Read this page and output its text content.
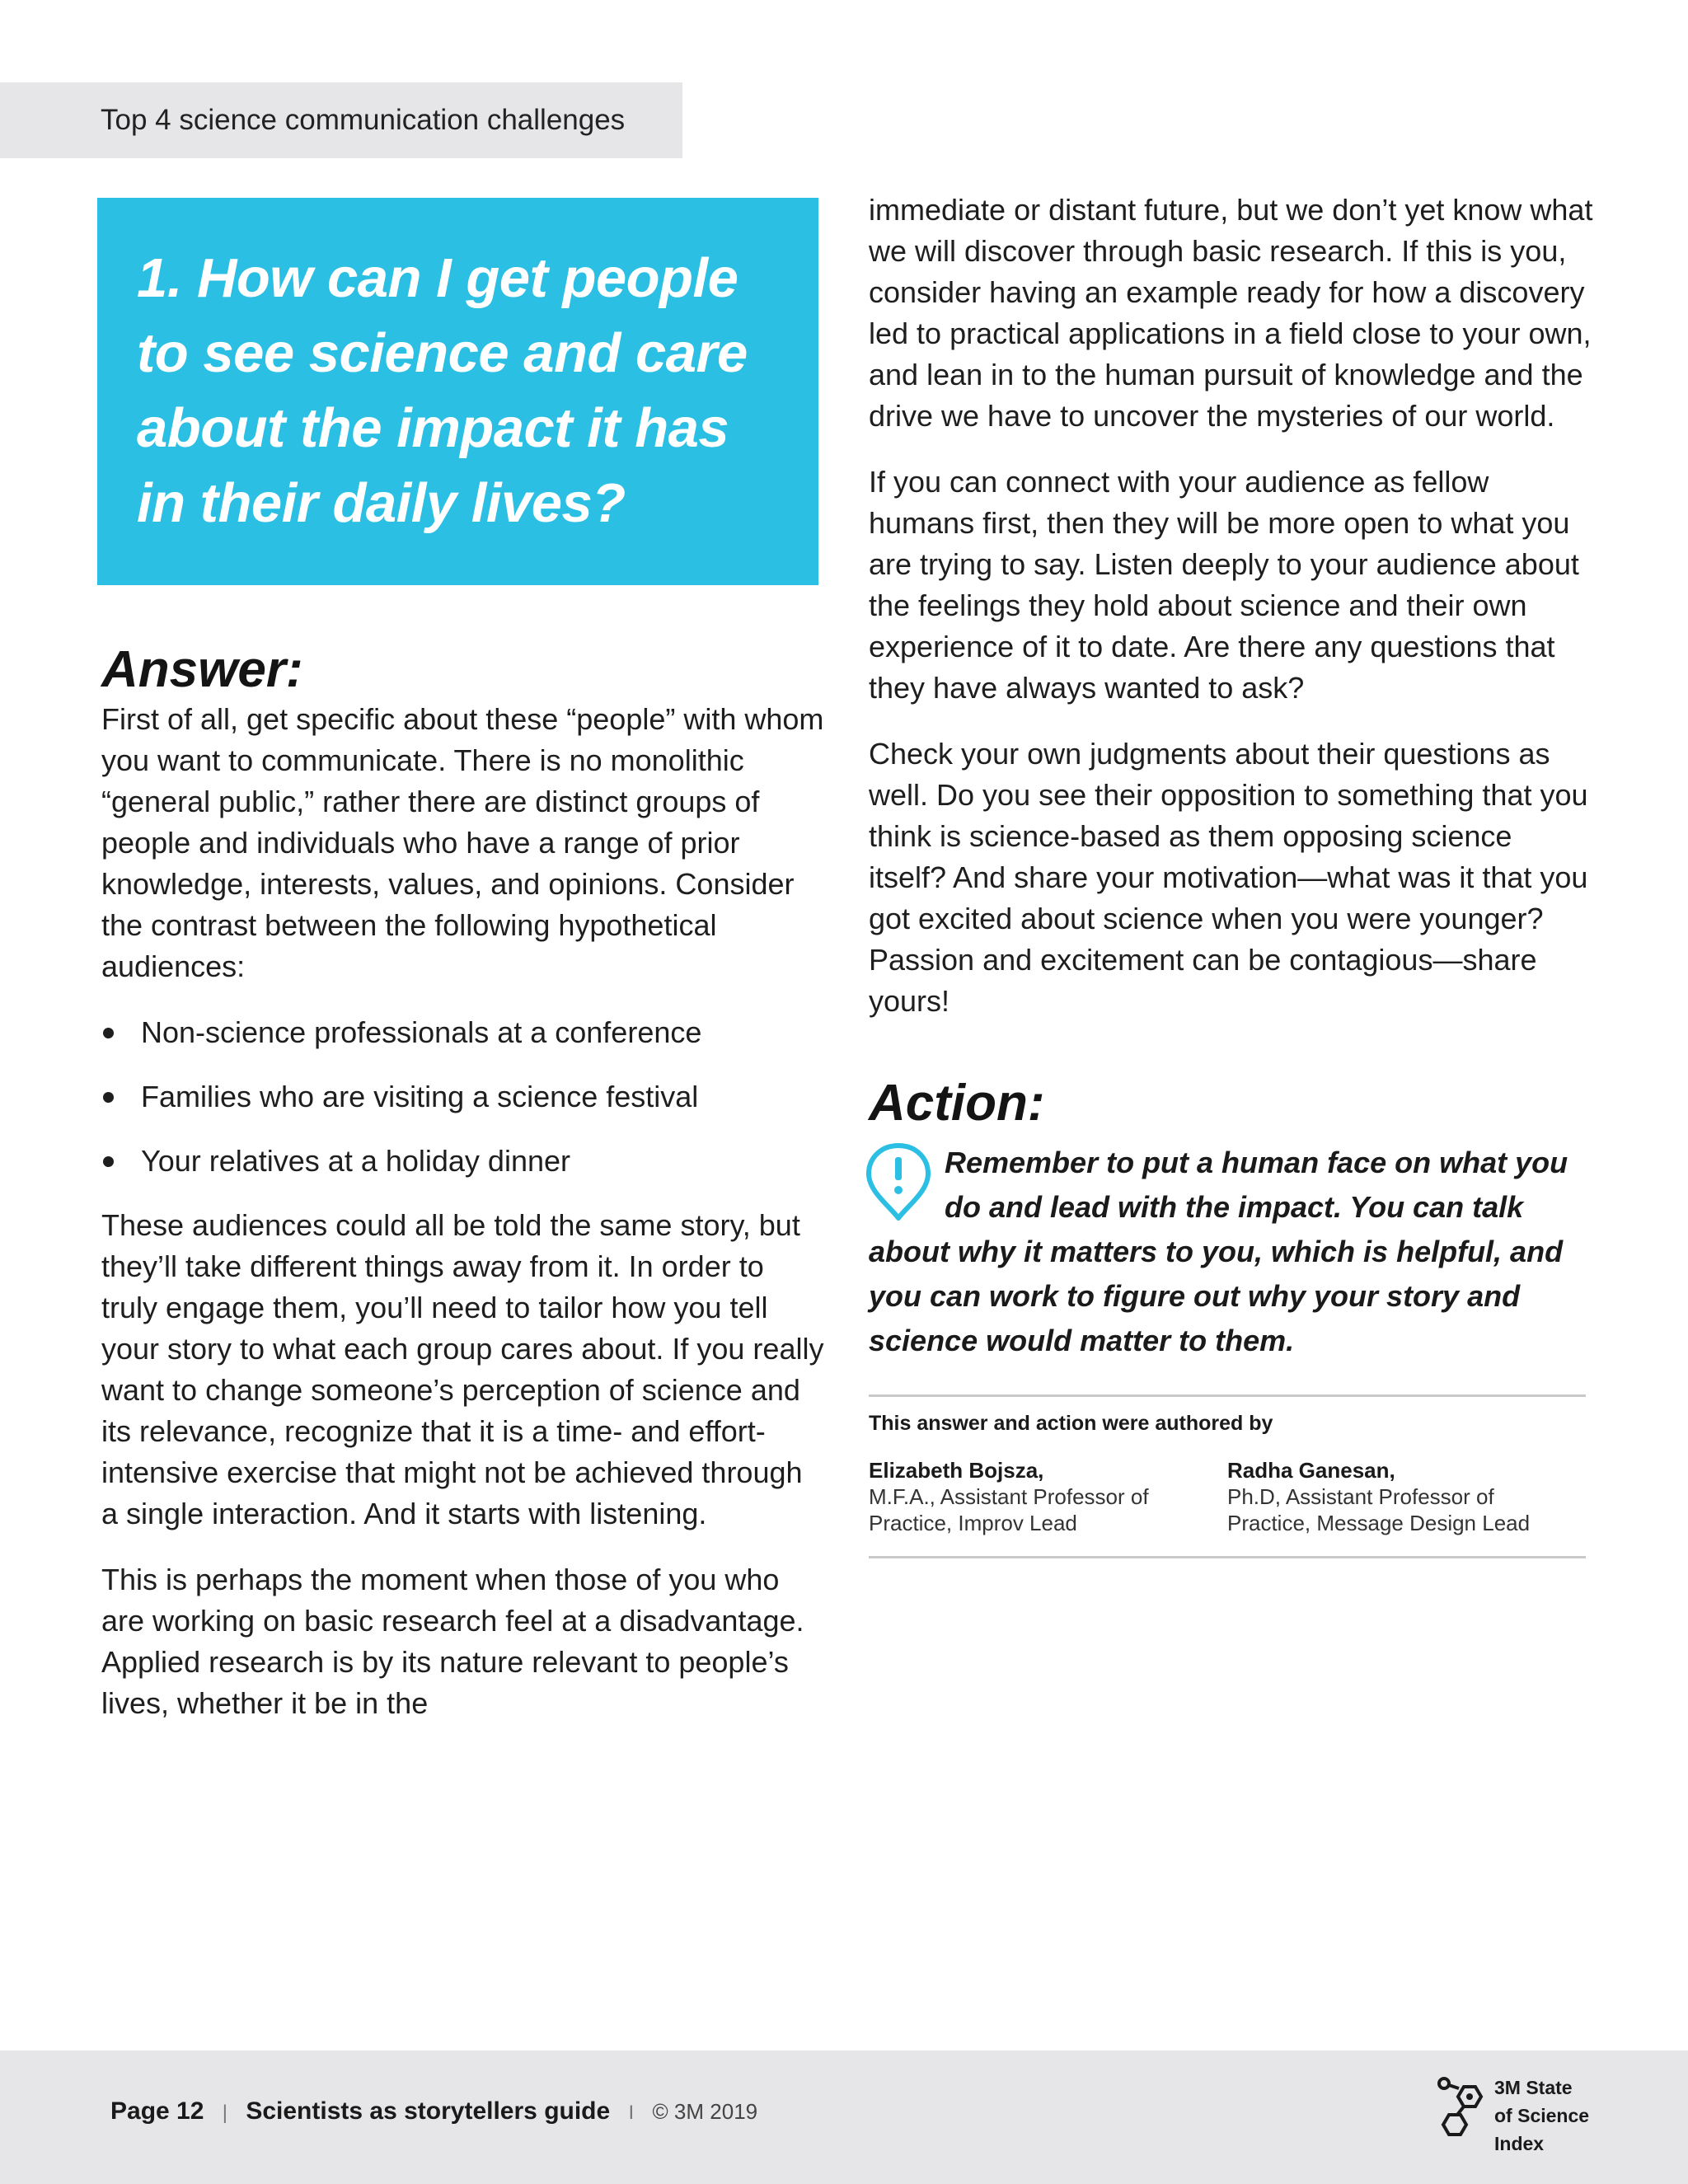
Top 4 science communication challenges

1. How can I get people to see science and care about the impact it has in their daily lives?

Answer:

First of all, get specific about these “people” with whom you want to communicate. There is no monolithic “general public,” rather there are distinct groups of people and individuals who have a range of prior knowledge, interests, values, and opinions. Consider the contrast between the following hypothetical audiences:

Non-science professionals at a conference
Families who are visiting a science festival
Your relatives at a holiday dinner

These audiences could all be told the same story, but they’ll take different things away from it. In order to truly engage them, you’ll need to tailor how you tell your story to what each group cares about. If you really want to change someone’s perception of science and its relevance, recognize that it is a time- and effort-intensive exercise that might not be achieved through a single interaction. And it starts with listening.

This is perhaps the moment when those of you who are working on basic research feel at a disadvantage. Applied research is by its nature relevant to people’s lives, whether it be in the

immediate or distant future, but we don’t yet know what we will discover through basic research. If this is you, consider having an example ready for how a discovery led to practical applications in a field close to your own, and lean in to the human pursuit of knowledge and the drive we have to uncover the mysteries of our world.

If you can connect with your audience as fellow humans first, then they will be more open to what you are trying to say. Listen deeply to your audience about the feelings they hold about science and their own experience of it to date. Are there any questions that they have always wanted to ask?

Check your own judgments about their questions as well. Do you see their opposition to something that you think is science-based as them opposing science itself? And share your motivation—what was it that you got excited about science when you were younger? Passion and excitement can be contagious—share yours!

Action:

Remember to put a human face on what you do and lead with the impact. You can talk about why it matters to you, which is helpful, and you can work to figure out why your story and science would matter to them.

This answer and action were authored by

Elizabeth Bojsza,
M.F.A., Assistant Professor of
Practice, Improv Lead
Radha Ganesan,
Ph.D, Assistant Professor of
Practice, Message Design Lead
Page 12 | Scientists as storytellers guide I © 3M 2019
3M State
of Science
Index
